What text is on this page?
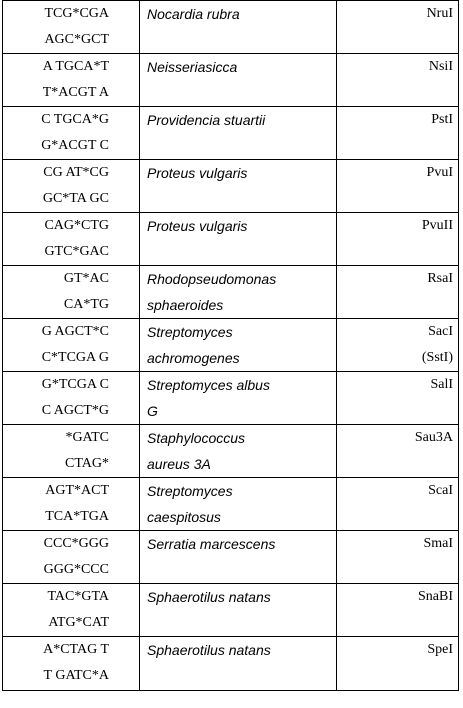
TCG*CGA
AGC*GCT	Nocardia rubra	NruI

A TGCA*T
T*ACGT A	Neisseriasicca	NsiI

C TGCA*G
G*ACGT C	Providencia stuartii	PstI

CG AT*CG
GC*TA GC	Proteus vulgaris	PvuI

CAG*CTG
GTC*GAC	Proteus vulgaris	PvuII

GT*AC
CA*TG	Rhodopseudomonas
sphaeroides	RsaI

G AGCT*C
C*TCGA G	Streptomyces
achromogenes	SacI
(SstI)

G*TCGA C
C AGCT*G	Streptomyces albus
G	SalI

*GATC
CTAG*	Staphylococcus
aureus 3A	Sau3A

AGT*ACT
TCA*TGA	Streptomyces
caespitosus	ScaI

CCC*GGG
GGG*CCC	Serratia marcescens	SmaI

TAC*GTA
ATG*CAT	Sphaerotilus natans	SnaBI

A*CTAG T
T GATC*A	Sphaerotilus natans	SpeI
